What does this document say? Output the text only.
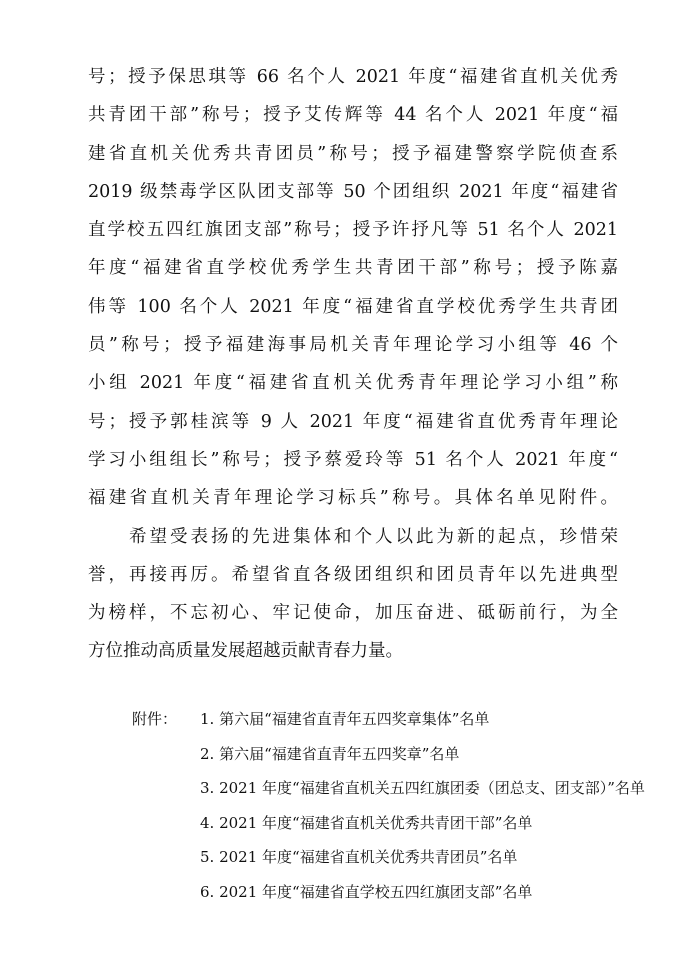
号；授予保思琪等 66 名个人 2021 年度“福建省直机关优秀
共青团干部”称号；授予艾传辉等 44 名个人 2021 年度“福
建省直机关优秀共青团员”称号；授予福建警察学院侦查系
2019 级禁毒学区队团支部等 50 个团组织 2021 年度“福建省
直学校五四红旗团支部”称号；授予许抒凡等 51 名个人 2021
年度“福建省直学校优秀学生共青团干部”称号；授予陈嘉
伟等 100 名个人 2021 年度“福建省直学校优秀学生共青团
员”称号；授予福建海事局机关青年理论学习小组等 46 个
小组 2021 年度“福建省直机关优秀青年理论学习小组”称
号；授予郭桂滨等 9 人 2021 年度“福建省直优秀青年理论
学习小组组长”称号；授予蔡爱玲等 51 名个人 2021 年度“
福建省直机关青年理论学习标兵”称号。具体名单见附件。
　　希望受表扬的先进集体和个人以此为新的起点，珍惜荣
誉，再接再厉。希望省直各级团组织和团员青年以先进典型
为榜样，不忘初心、牢记使命，加压奋进、砥砺前行，为全
方位推动高质量发展超越贡献青春力量。
附件： 1. 第六届“福建省直青年五四奖章集体”名单
2. 第六届“福建省直青年五四奖章”名单
3. 2021 年度“福建省直机关五四红旗团委（团总支、团支部）”名单
4. 2021 年度“福建省直机关优秀共青团干部”名单
5. 2021 年度“福建省直机关优秀共青团员”名单
6. 2021 年度“福建省直学校五四红旗团支部”名单
